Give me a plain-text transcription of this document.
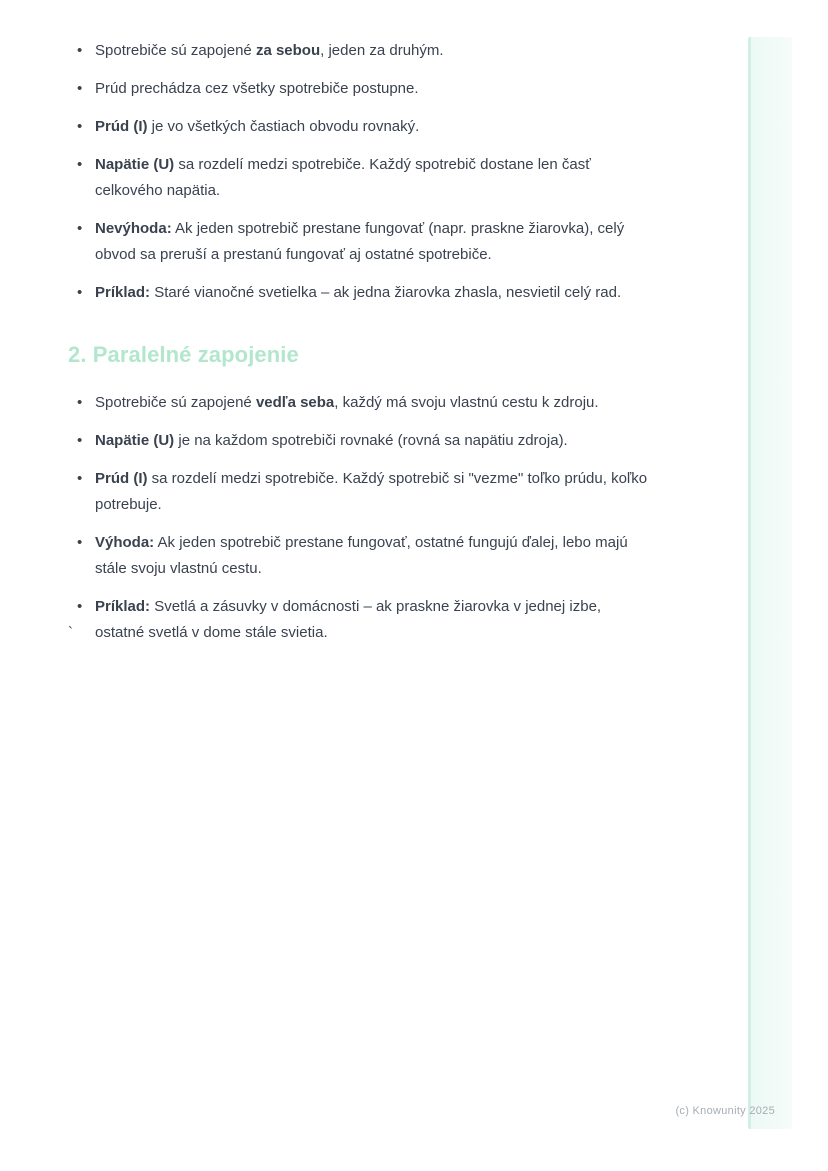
• Spotrebiče sú zapojené za sebou, jeden za druhým.
• Prúd prechádza cez všetky spotrebiče postupne.
• Prúd (I) je vo všetkých častiach obvodu rovnaký.
• Napätie (U) sa rozdelí medzi spotrebiče. Každý spotrebič dostane len časť celkového napätia.
• Nevýhoda: Ak jeden spotrebič prestane fungovať (napr. praskne žiarovka), celý obvod sa preruší a prestanú fungovať aj ostatné spotrebiče.
• Príklad: Staré vianočné svetielka – ak jedna žiarovka zhasla, nesvietil celý rad.
2. Paralelné zapojenie
• Spotrebiče sú zapojené vedľa seba, každý má svoju vlastnú cestu k zdroju.
• Napätie (U) je na každom spotrebiči rovnaké (rovná sa napätiu zdroja).
• Prúd (I) sa rozdelí medzi spotrebiče. Každý spotrebič si "vezme" toľko prúdu, koľko potrebuje.
• Výhoda: Ak jeden spotrebič prestane fungovať, ostatné fungujú ďalej, lebo majú stále svoju vlastnú cestu.
• Príklad: Svetlá a zásuvky v domácnosti – ak praskne žiarovka v jednej izbe, ostatné svetlá v dome stále svietia.
`
(c) Knowunity 2025
